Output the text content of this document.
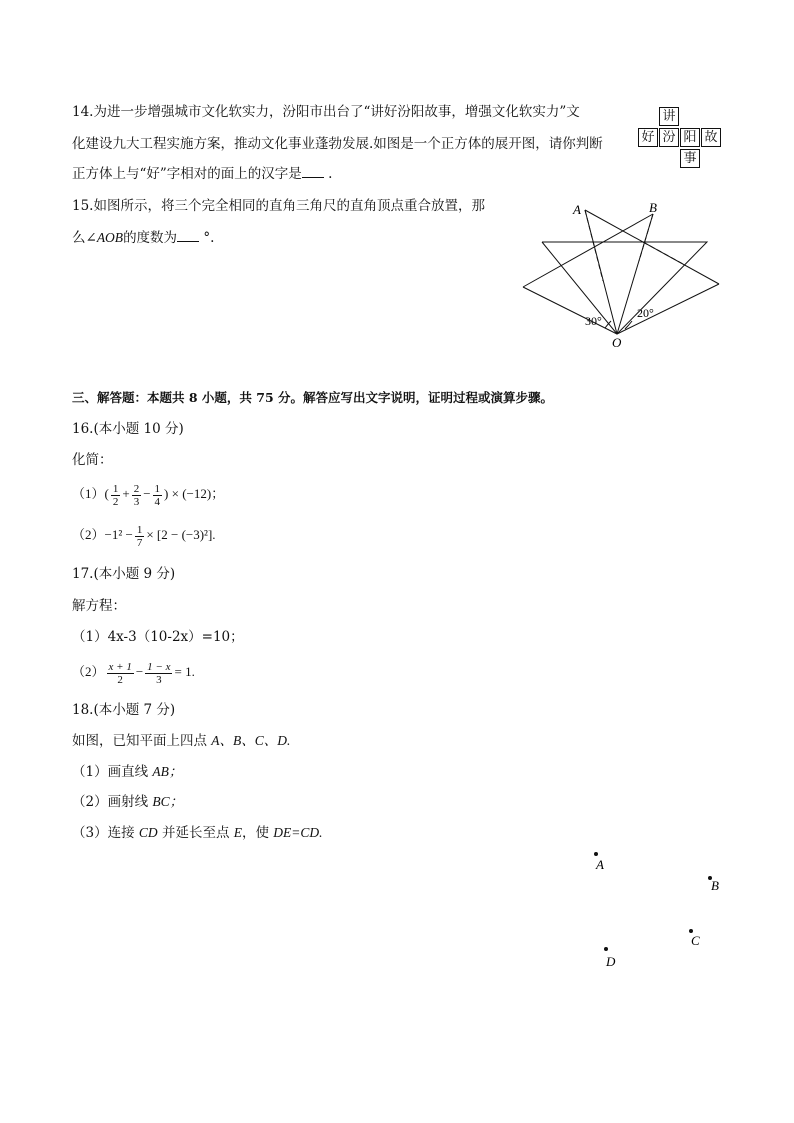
14.为进一步增强城市文化软实力，汾阳市出台了“讲好汾阳故事，增强文化软实力”文
化建设九大工程实施方案，推动文化事业蓬勃发展.如图是一个正方体的展开图，请你判断
正方体上与“好”字相对的面上的汉字是 .
讲
好 汾 阳 故
事
15.如图所示，将三个完全相同的直角三角尺的直角顶点重合放置，那
么∠AOB的度数为 °.
A	B
O
30°
20°
三、解答题：本题共 8 小题，共 75 分。解答应写出文字说明，证明过程或演算步骤。
16.(本小题 10 分)
化简：
$(1)( \frac{1}{2} + \frac{2}{3} - \frac{1}{4}$ ) × (−12)；
$(2)-1^2 - \frac{1}{7} \times [2 - (-3)^2]$.
17.(本小题 9 分)
解方程：
（1）4x-3（10-2x）=10；
$(2) \frac{x + 1}{2} - \frac{1 - x}{3} = 1$.
18.(本小题 7 分)
如图，已知平面上四点 A、B、C、D.
（1）画直线 AB；
（2）画射线 BC；
（3）连接 CD 并延长至点 E，使 DE=CD.
A
B
C
D
